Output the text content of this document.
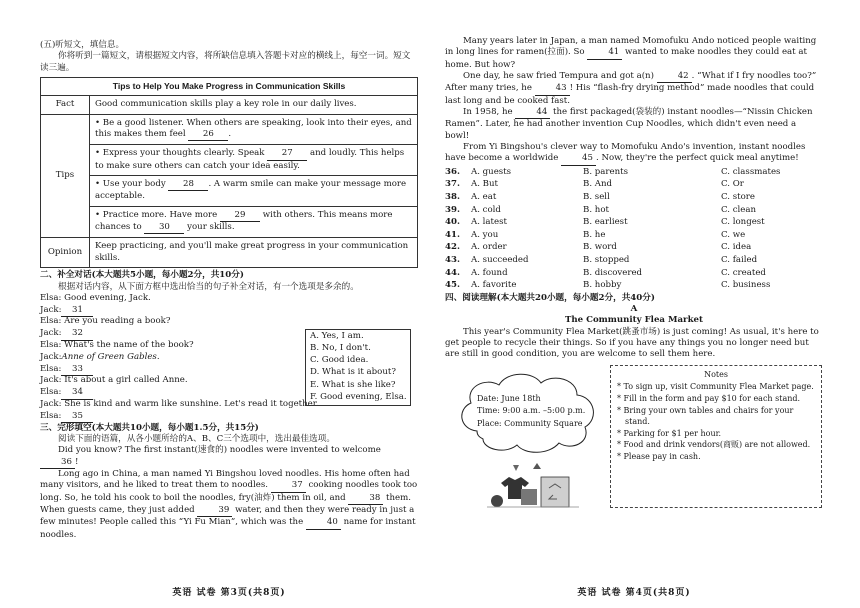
(五)听短文，填信息。

你将听到一篇短文，请根据短文内容，将所缺信息填入答题卡对应的横线上，每空一词。短文读三遍。

Tips to Help You Make Progress in Communication Skills	
Fact	Good communication skills play a key role in our daily lives.
Tips	• Be a good listener. When others are speaking, look into their eyes, and this makes them feel 26 .
	• Express your thoughts clearly. Speak 27 and loudly. This helps to make sure others can catch your idea easily.
	• Use your body 28 . A warm smile can make your message more acceptable.
	• Practice more. Have more 29 with others. This means more chances to 30 your skills.
Opinion	Keep practicing, and you'll make great progress in your communication skills.

二、补全对话(本大题共5小题，每小题2分，共10分)

根据对话内容，从下面方框中选出恰当的句子补全对话，有一个选项是多余的。

Elsa: Good evening, Jack.
Jack: 31
Elsa: Are you reading a book?
Jack: 32
Elsa: What's the name of the book?
Jack:Anne of Green Gables.
Elsa: 33
Jack: It's about a girl called Anne.
Elsa: 34
Jack: She is kind and warm like sunshine. Let's read it together.
Elsa: 35
A. Yes, I am.
B. No, I don't.
C. Good idea.
D. What is it about?
E. What is she like?
F. Good evening, Elsa.

三、完形填空(本大题共10小题，每小题1.5分，共15分)

阅读下面的语篇，从各小题所给的A、B、C三个选项中，选出最佳选项。

Did you know? The first instant(速食的) noodles were invented to welcome 36 !

Long ago in China, a man named Yi Bingshou loved noodles. His home often had many visitors, and he liked to treat them to noodles.	37 cooking noodles took too long. So, he told his cook to boil the noodles, fry(油炸) them in oil, and	38 them. When guests came, they just added	39 water, and then they were ready in just a few minutes! People called this “Yi Fu Mian”, which was the	40 name for instant noodles.

英语 试卷 第3页(共8页)

Many years later in Japan, a man named Momofuku Ando noticed people waiting in long lines for ramen(拉面). So	41 wanted to make noodles they could eat at home. But how?

One day, he saw fried Tempura and got a(n)	42 . “What if I fry noodles too?” After many tries, he	43 ! His “flash-fry drying method” made noodles that could last long and be cooked fast.

In 1958, he	44 the first packaged(袋装的) instant noodles—“Nissin Chicken Ramen”. Later, he had another invention Cup Noodles, which didn't even need a bowl!

From Yi Bingshou's clever way to Momofuku Ando's invention, instant noodles have become a worldwide	45 . Now, they're the perfect quick meal anytime!

36. A. guests	B. parents	C. classmates
37. A. But	B. And	C. Or
38. A. eat	B. sell	C. store
39. A. cold	B. hot	C. clean
40. A. latest	B. earliest	C. longest
41. A. you	B. he	C. we
42. A. order	B. word	C. idea
43. A. succeeded	B. stopped	C. failed
44. A. found	B. discovered	C. created
45. A. favorite	B. hobby	C. business

四、阅读理解(本大题共20小题，每小题2分，共40分)

A

The Community Flea Market

This year's Community Flea Market(跳蚤市场) is just coming! As usual, it's here to get people to recycle their things. So if you have any things you no longer need but are still in good condition, you are welcome to sell them here.

Date: June 18th
Time: 9:00 a.m. –5:00 p.m.
Place: Community Square
Notes
* To sign up, visit Community Flea Market page.
* Fill in the form and pay $10 for each stand.
* Bring your own tables and chairs for your stand.
* Parking for $1 per hour.
* Food and drink vendors(商贩) are not allowed.
* Please pay in cash.
英语 试卷 第4页(共8页)
